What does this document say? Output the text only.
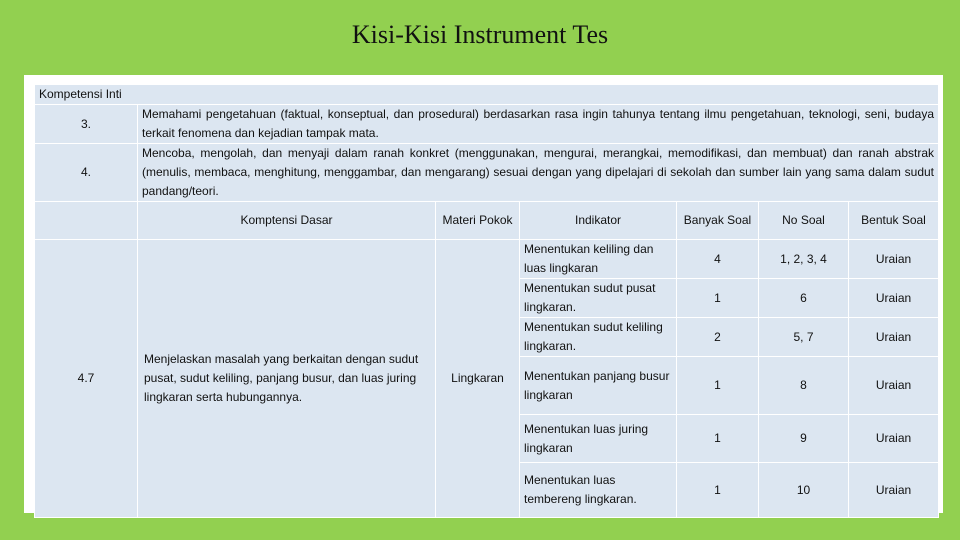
Kisi-Kisi Instrument Tes
Kompetensi Inti						
3.	Memahami pengetahuan (faktual, konseptual, dan prosedural) berdasarkan rasa ingin tahunya tentang ilmu pengetahuan, teknologi, seni, budaya terkait fenomena dan kejadian tampak mata.					
4.	Mencoba, mengolah, dan menyaji dalam ranah konkret (menggunakan, mengurai, merangkai, memodifikasi, dan membuat) dan ranah abstrak (menulis, membaca, menghitung, menggambar, dan mengarang) sesuai dengan yang dipelajari di sekolah dan sumber lain yang sama dalam sudut pandang/teori.					
	Komptensi Dasar	Materi Pokok	Indikator	Banyak Soal	No Soal	Bentuk Soal
4.7	Menjelaskan masalah yang berkaitan dengan sudut pusat, sudut keliling, panjang busur, dan luas juring lingkaran serta hubungannya.	Lingkaran	Menentukan keliling dan luas lingkaran	4	1, 2, 3, 4	Uraian
			Menentukan sudut pusat lingkaran.	1	6	Uraian
			Menentukan sudut keliling lingkaran.	2	5, 7	Uraian
			Menentukan panjang busur lingkaran	1	8	Uraian
			Menentukan luas juring lingkaran	1	9	Uraian
			Menentukan luas tembereng lingkaran.	1	10	Uraian
